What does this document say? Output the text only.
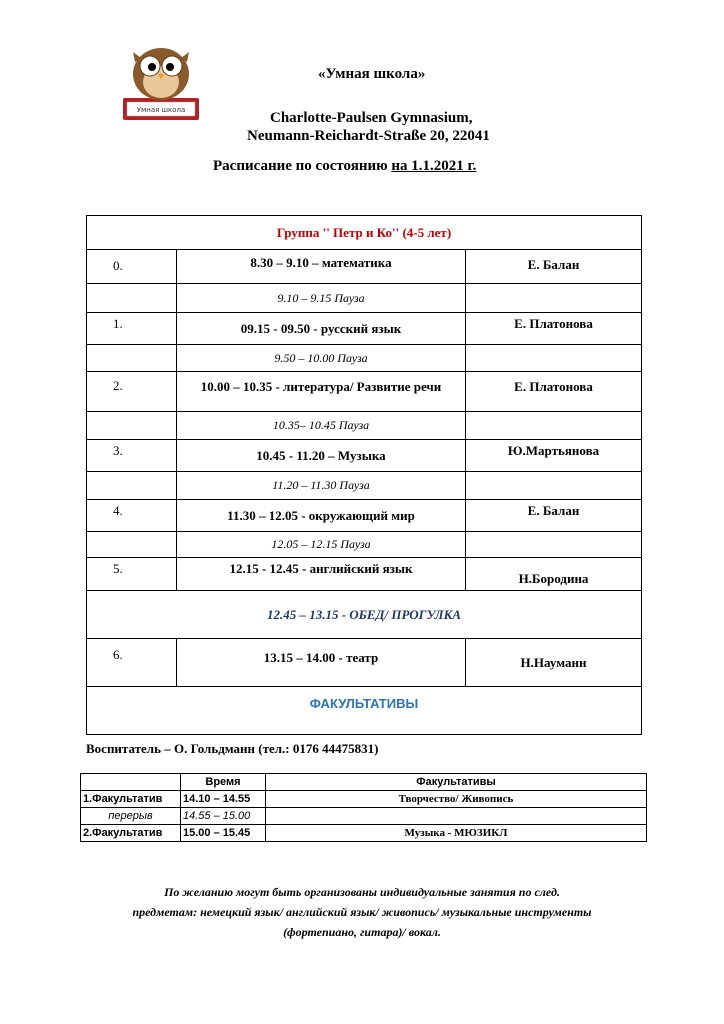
Умная школа
«Умная школа»
Charlotte-Paulsen Gymnasium,
Neumann-Reichardt-Straße 20, 22041
Расписание по состоянию на 1.1.2021 г.
Группа '' Петр и Ко'' (4-5 лет)		
0.	8.30 – 9.10 – математика	Е. Балан
	9.10 – 9.15 Пауза	
1.	09.15 - 09.50 - русский язык	Е. Платонова
	9.50 – 10.00 Пауза	
2.	10.00 – 10.35 - литература/ Развитие речи	Е. Платонова
	10.35– 10.45 Пауза	
3.	10.45 - 11.20 – Музыка	Ю.Мартьянова
	11.20 – 11.30 Пауза	
4.	11.30 – 12.05 - окружающий мир	Е. Балан
	12.05 – 12.15 Пауза	
5.	12.15 - 12.45 - английский язык	Н.Бородина
12.45 – 13.15 - ОБЕД/ ПРОГУЛКА		
6.	13.15 – 14.00 - театр	Н.Науманн
ФАКУЛЬТАТИВЫ		
Воспитатель – О. Гольдманн (тел.: 0176 44475831)
	Время	Факультативы
1.Факультатив	14.10 – 14.55	Творчество/ Живопись
перерыв	14.55 – 15.00	
2.Факультатив	15.00 – 15.45	Музыка - МЮЗИКЛ
По желанию могут быть организованы индивидуальные занятия по след.
предметам: немецкий язык/ английский язык/ живопись/ музыкальные инструменты
(фортепиано, гитара)/ вокал.
